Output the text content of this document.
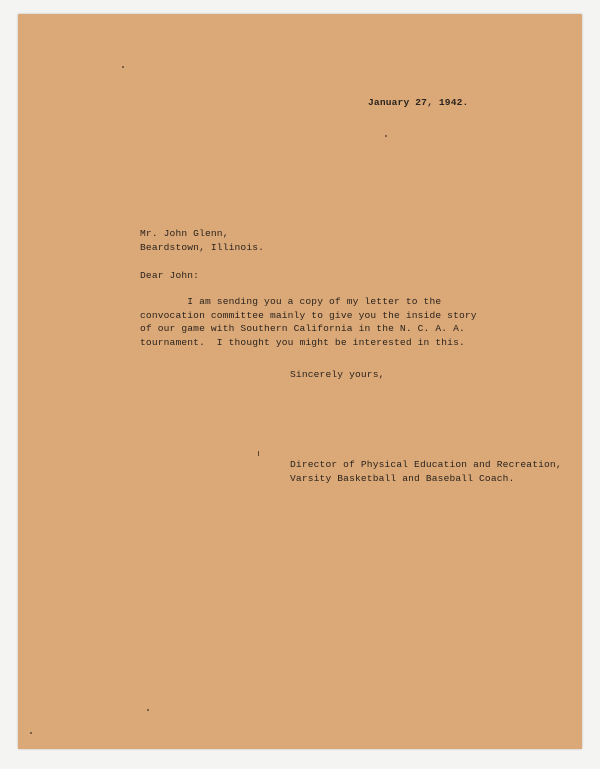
January 27, 1942.
Mr. John Glenn,
Beardstown, Illinois.
Dear John:
I am sending you a copy of my letter to the
convocation committee mainly to give you the inside story
of our game with Southern California in the N. C. A. A.
tournament.  I thought you might be interested in this.
Sincerely yours,
Director of Physical Education and Recreation,
Varsity Basketball and Baseball Coach.
